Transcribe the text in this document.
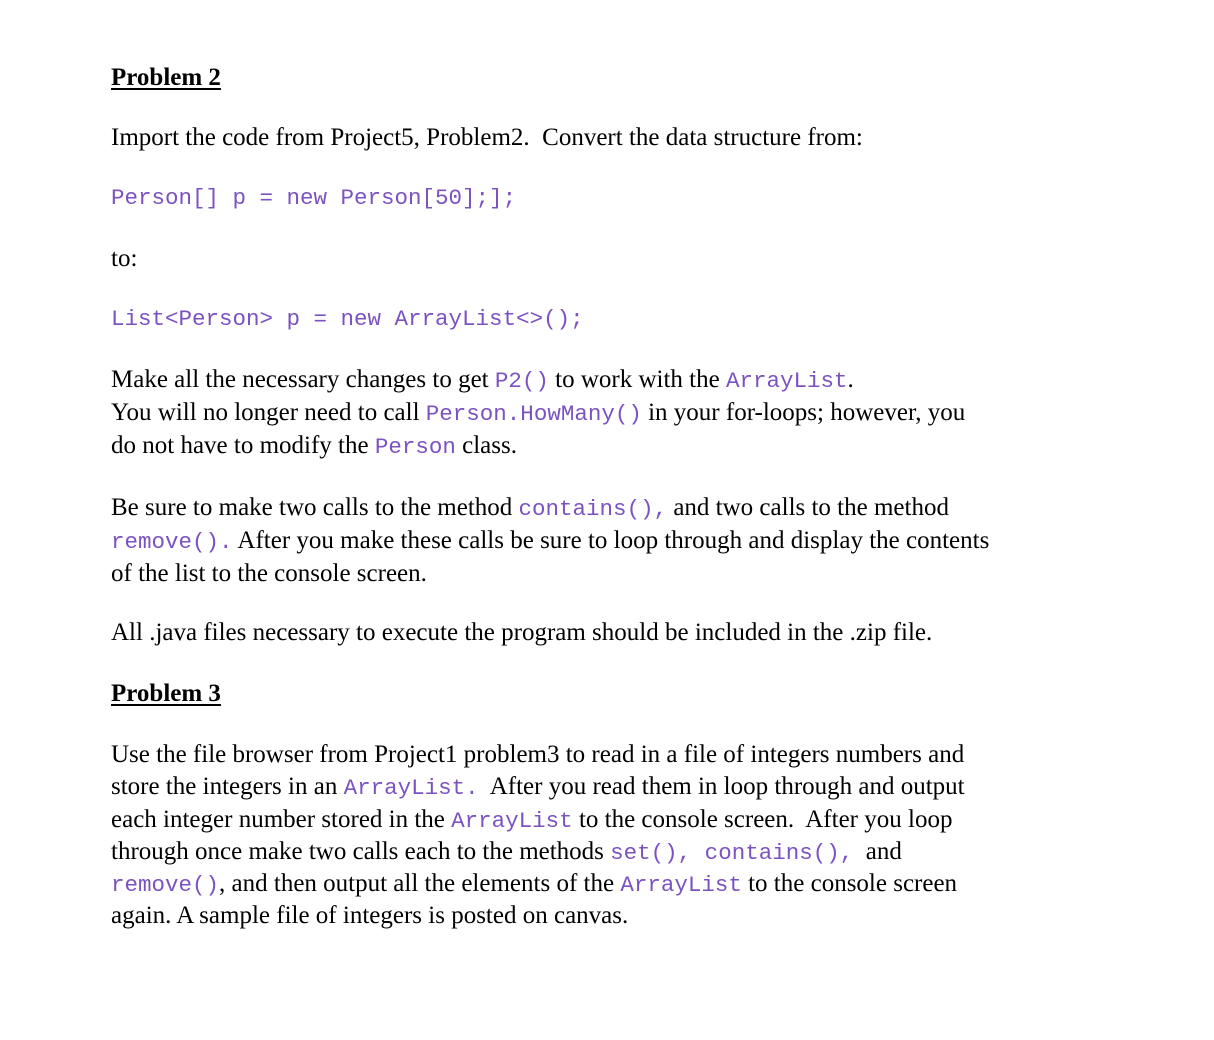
Problem 2
Import the code from Project5, Problem2.  Convert the data structure from:
Person[] p = new Person[50];];
to:
List<Person> p = new ArrayList<>();
Make all the necessary changes to get P2() to work with the ArrayList.
You will no longer need to call Person.HowMany() in your for-loops; however, you
do not have to modify the Person class.
Be sure to make two calls to the method contains(), and two calls to the method
remove(). After you make these calls be sure to loop through and display the contents
of the list to the console screen.
All .java files necessary to execute the program should be included in the .zip file.
Problem 3
Use the file browser from Project1 problem3 to read in a file of integers numbers and
store the integers in an ArrayList.  After you read them in loop through and output
each integer number stored in the ArrayList to the console screen.  After you loop
through once make two calls each to the methods set(), contains(),  and
remove(), and then output all the elements of the ArrayList to the console screen
again. A sample file of integers is posted on canvas.
